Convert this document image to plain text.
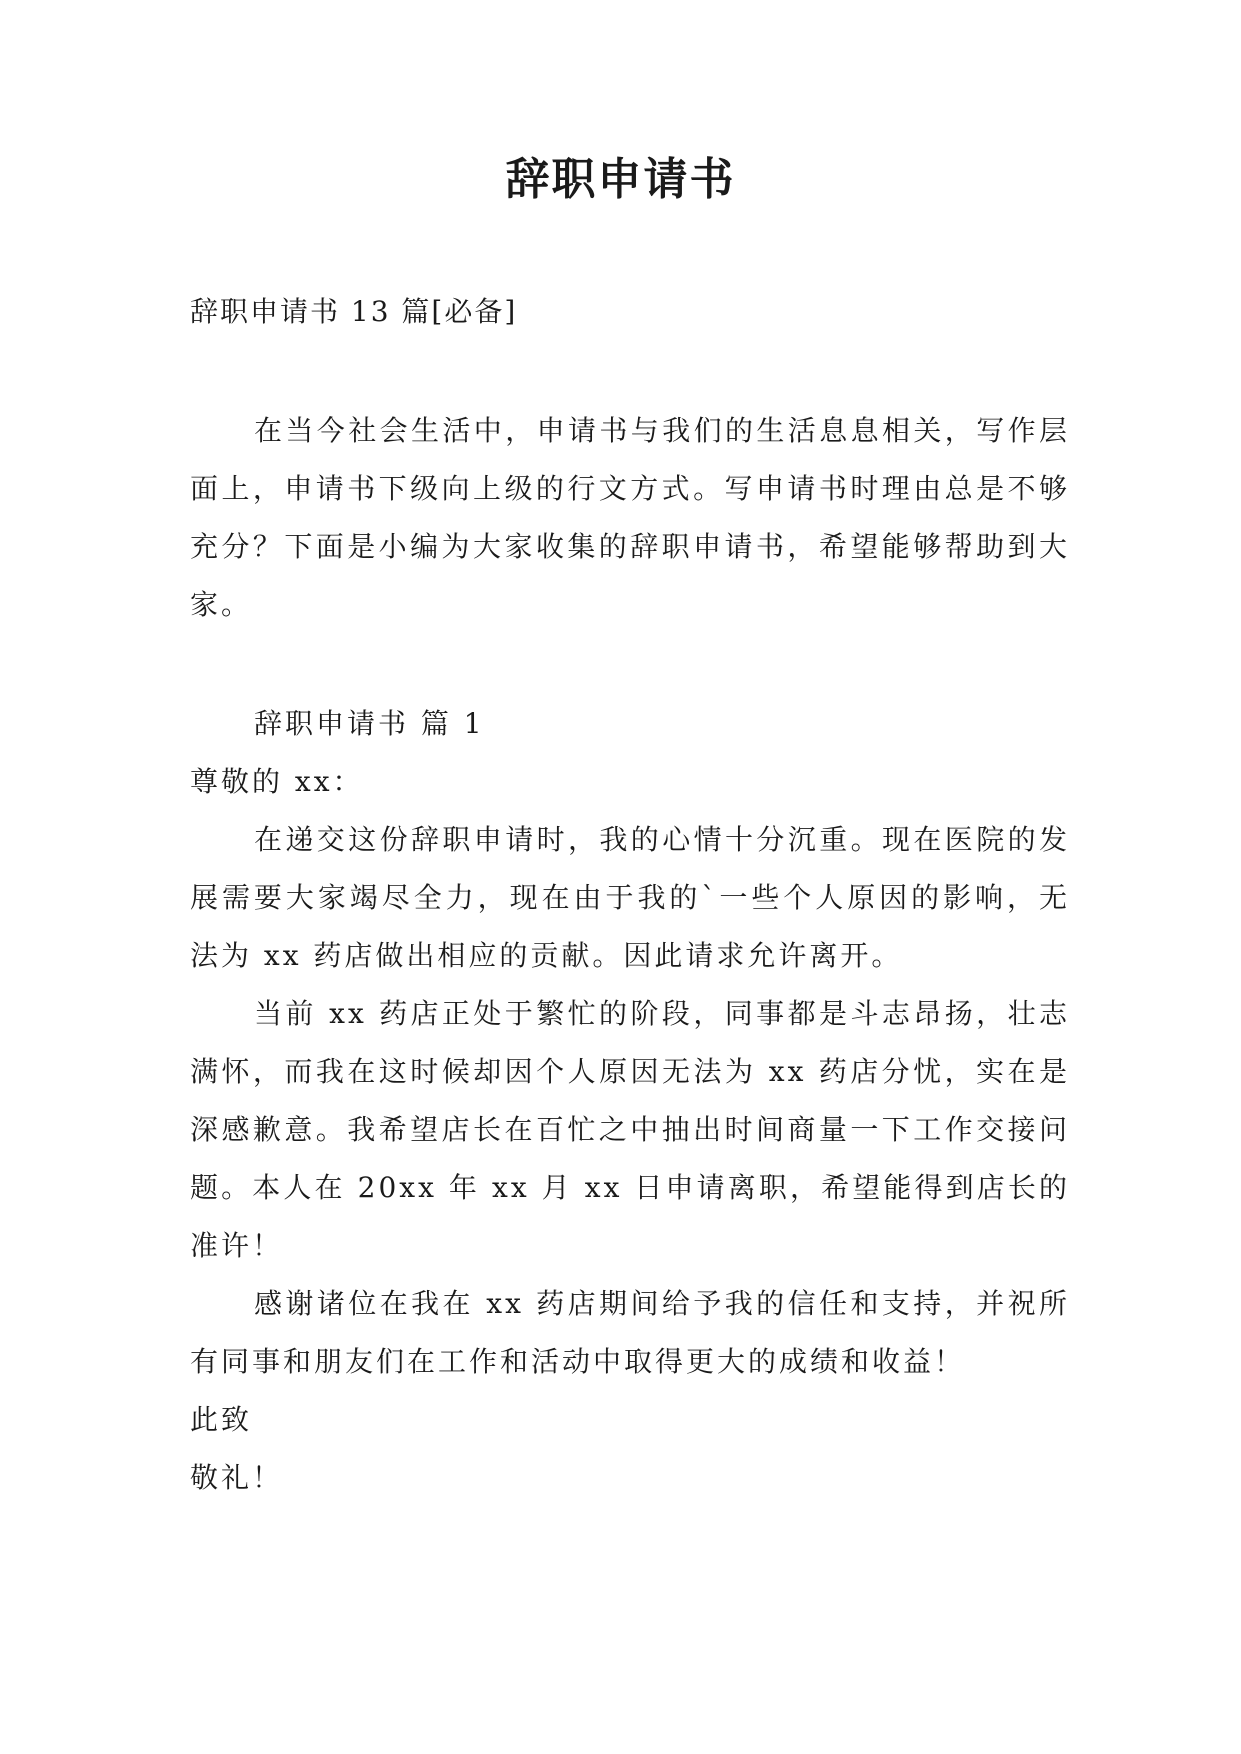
辞职申请书
辞职申请书 13 篇[必备]
在当今社会生活中，申请书与我们的生活息息相关，写作层面上，申请书下级向上级的行文方式。写申请书时理由总是不够充分？下面是小编为大家收集的辞职申请书，希望能够帮助到大家。
辞职申请书 篇 1
尊敬的 xx：
在递交这份辞职申请时，我的心情十分沉重。现在医院的发展需要大家竭尽全力，现在由于我的`一些个人原因的影响，无法为 xx 药店做出相应的贡献。因此请求允许离开。
当前 xx 药店正处于繁忙的阶段，同事都是斗志昂扬，壮志满怀，而我在这时候却因个人原因无法为 xx 药店分忧，实在是深感歉意。我希望店长在百忙之中抽出时间商量一下工作交接问题。本人在 20xx 年 xx 月 xx 日申请离职，希望能得到店长的准许！
感谢诸位在我在 xx 药店期间给予我的信任和支持，并祝所有同事和朋友们在工作和活动中取得更大的成绩和收益！
此致
敬礼！
